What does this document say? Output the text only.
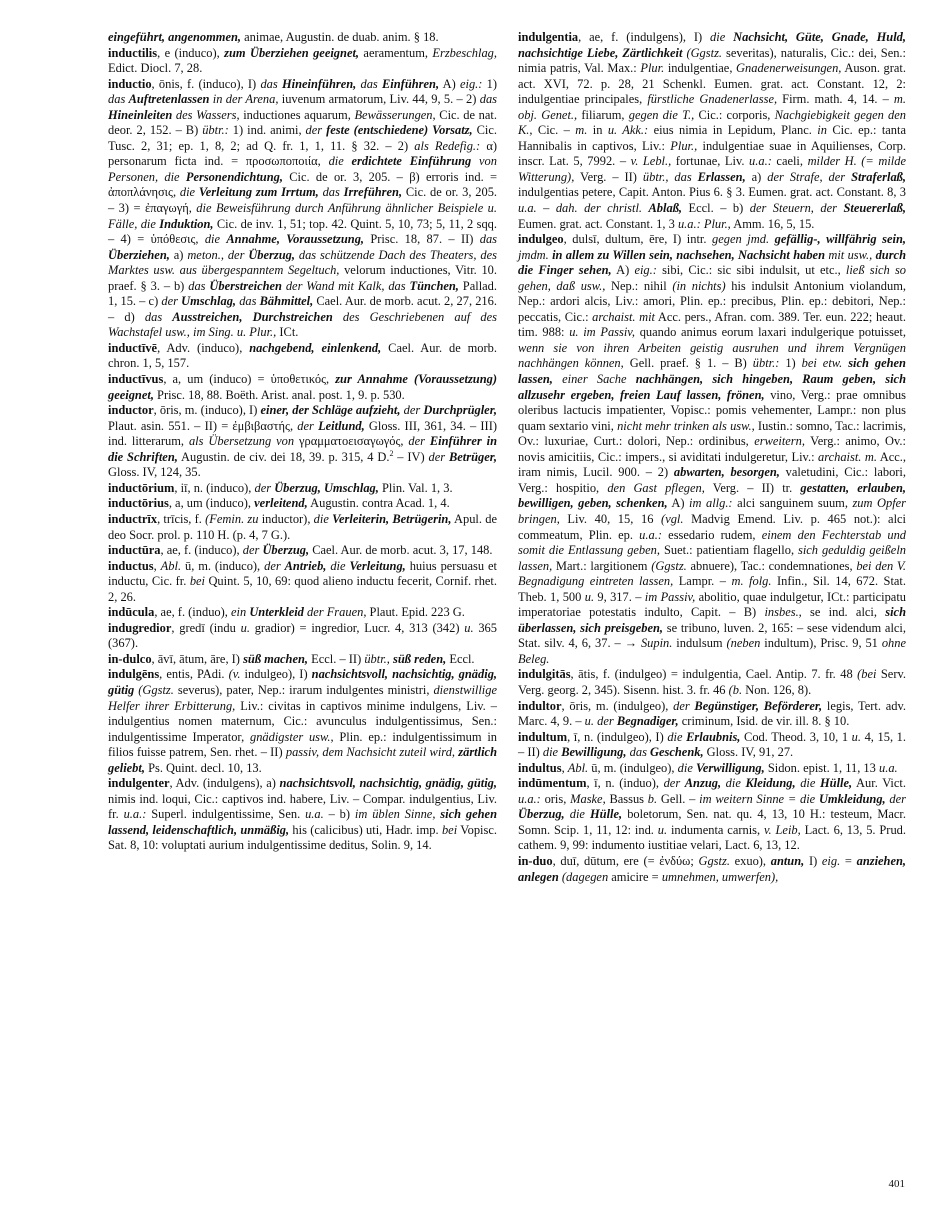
eingeführt, angenommen, animae, Augustin. de duab. anim. § 18.

inductilis, e (induco), zum Überziehen geeignet, aeramentum, Erzbeschlag, Edict. Diocl. 7, 28.

inductio, ōnis, f. (induco), I) das Hineinführen, das Einführen, A) eig.: 1) das Auftretenlassen in der Arena, iuvenum armatorum, Liv. 44, 9, 5. – 2) das Hineinleiten des Wassers, inductiones aquarum, Bewässerungen, Cic. de nat. deor. 2, 152. – B) übtr.: 1) ind. animi, der feste (entschiedene) Vorsatz, Cic. Tusc. 2, 31; ep. 1, 8, 2; ad Q. fr. 1, 1, 11. § 32. – 2) als Redefig.: α) personarum ficta ind. = προσωποποιία, die erdichtete Einführung von Personen, die Personendichtung, Cic. de or. 3, 205. – β) erroris ind. = ἀποπλάνησις, die Verleitung zum Irrtum, das Irreführen, Cic. de or. 3, 205. – 3) = ἐπαγωγή, die Beweisführung durch Anführung ähnlicher Beispiele u. Fälle, die Induktion, Cic. de inv. 1, 51; top. 42. Quint. 5, 10, 73; 5, 11, 2 sqq. – 4) = ὑπόθεσις, die Annahme, Voraussetzung, Prisc. 18, 87. – II) das Überziehen, a) meton., der Überzug, das schützende Dach des Theaters, des Marktes usw. aus übergespanntem Segeltuch, velorum inductiones, Vitr. 10. praef. § 3. – b) das Überstreichen der Wand mit Kalk, das Tünchen, Pallad. 1, 15. – c) der Umschlag, das Bähmittel, Cael. Aur. de morb. acut. 2, 27, 216. – d) das Ausstreichen, Durchstreichen des Geschriebenen auf des Wachstafel usw., im Sing. u. Plur., ICt.

inductīvē, Adv. (induco), nachgebend, einlenkend, Cael. Aur. de morb. chron. 1, 5, 157.

inductīvus, a, um (induco) = ὑποθετικός, zur Annahme (Voraussetzung) geeignet, Prisc. 18, 88. Boëth. Arist. anal. post. 1, 9. p. 530.

inductor, ōris, m. (induco), I) einer, der Schläge aufzieht, der Durchprügler, Plaut. asin. 551. – II) = ἐμβιβαστής, der Leitlund, Gloss. III, 361, 34. – III) ind. litterarum, als Übersetzung von γραμματοεισαγωγός, der Einführer in die Schriften, Augustin. de civ. dei 18, 39. p. 315, 4 D.$^2$ – IV) der Betrüger, Gloss. IV, 124, 35.

inductōrium, iī, n. (induco), der Überzug, Umschlag, Plin. Val. 1, 3.

inductōrius, a, um (induco), verleitend, Augustin. contra Acad. 1, 4.

inductrīx, trīcis, f. (Femin. zu inductor), die Verleiterin, Betrügerin, Apul. de deo Socr. prol. p. 110 H. (p. 4, 7 G.).

inductūra, ae, f. (induco), der Überzug, Cael. Aur. de morb. acut. 3, 17, 148.

inductus, Abl. ū, m. (induco), der Antrieb, die Verleitung, huius persuasu et inductu, Cic. fr. bei Quint. 5, 10, 69: quod alieno inductu fecerit, Cornif. rhet. 2, 26.

indūcula, ae, f. (induo), ein Unterkleid der Frauen, Plaut. Epid. 223 G.

indugredior, gredī (indu u. gradior) = ingredior, Lucr. 4, 313 (342) u. 365 (367).

in-dulco, āvī, ātum, āre, I) süß machen, Eccl. – II) übtr., süß reden, Eccl.

indulgēns, entis, PAdi. (v. indulgeo), I) nachsichtsvoll, nachsichtig, gnädig, gütig (Ggstz. severus), pater, Nep.: irarum indulgentes ministri, dienstwillige Helfer ihrer Erbitterung, Liv.: civitas in captivos minime indulgens, Liv. – indulgentius nomen maternum, Cic.: avunculus indulgentissimus, Sen.: indulgentissime Imperator, gnädigster usw., Plin. ep.: indulgentissimum in filios fuisse patrem, Sen. rhet. – II) passiv, dem Nachsicht zuteil wird, zärtlich geliebt, Ps. Quint. decl. 10, 13.

indulgenter, Adv. (indulgens), a) nachsichtsvoll, nachsichtig, gnädig, gütig, nimis ind. loqui, Cic.: captivos ind. habere, Liv. – Compar. indulgentius, Liv. fr. u.a.: Superl. indulgentissime, Sen. u.a. – b) im üblen Sinne, sich gehen lassend, leidenschaftlich, unmäßig, his (calicibus) uti, Hadr. imp. bei Vopisc. Sat. 8, 10: voluptati aurium indulgentissime deditus, Solin. 9, 14.

indulgentia, ae, f. (indulgens), I) die Nachsicht, Güte, Gnade, Huld, nachsichtige Liebe, Zärtlichkeit (Ggstz. severitas), naturalis, Cic.: dei, Sen.: nimia patris, Val. Max.: Plur. indulgentiae, Gnadenerweisungen, Auson. grat. act. XVI, 72. p. 28, 21 Schenkl. Eumen. grat. act. Constant. 12, 2: indulgentiae principales, fürstliche Gnadenerlasse, Firm. math. 4, 14. – m. obj. Genet., filiarum, gegen die T., Cic.: corporis, Nachgiebigkeit gegen den K., Cic. – m. in u. Akk.: eius nimia in Lepidum, Planc. in Cic. ep.: tanta Hannibalis in captivos, Liv.: Plur., indulgentiae suae in Aquilienses, Corp. inscr. Lat. 5, 7992. – v. Lebl., fortunae, Liv. u.a.: caeli, milder H. (= milde Witterung), Verg. – II) übtr., das Erlassen, a) der Strafe, der Straferlaß, indulgentias petere, Capit. Anton. Pius 6. § 3. Eumen. grat. act. Constant. 8, 3 u.a. – dah. der christl. Ablaß, Eccl. – b) der Steuern, der Steuererlaß, Eumen. grat. act. Constant. 1, 3 u.a.: Plur., Amm. 16, 5, 15.

indulgeo, dulsī, dultum, ēre, I) intr. gegen jmd. gefällig-, willfährig sein, jmdm. in allem zu Willen sein, nachsehen, Nachsicht haben mit usw., durch die Finger sehen, A) eig.: sibi, Cic.: sic sibi indulsit, ut etc., ließ sich so gehen, daß usw., Nep.: nihil (in nichts) his indulsit Antonium violandum, Nep.: ardori alcis, Liv.: amori, Plin. ep.: precibus, Plin. ep.: debitori, Nep.: peccatis, Cic.: archaist. mit Acc. pers., Afran. com. 389. Ter. eun. 222; heaut. tim. 988: u. im Passiv, quando animus eorum laxari indulgerique potuisset, wenn sie von ihren Arbeiten geistig ausruhen und ihrem Vergnügen nachhängen können, Gell. praef. § 1. – B) übtr.: 1) bei etw. sich gehen lassen, einer Sache nachhängen, sich hingeben, Raum geben, sich allzusehr ergeben, freien Lauf lassen, frönen, vino, Verg.: prae omnibus oleribus lactucis impatienter, Vopisc.: pomis vehementer, Lampr.: non plus quam sextario vini, nicht mehr trinken als usw., Iustin.: somno, Tac.: lacrimis, Ov.: luxuriae, Curt.: dolori, Nep.: ordinibus, erweitern, Verg.: animo, Ov.: novis amicitiis, Cic.: impers., si aviditati indulgeretur, Liv.: archaist. m. Acc., iram nimis, Lucil. 900. – 2) abwarten, besorgen, valetudini, Cic.: labori, Verg.: hospitio, den Gast pflegen, Verg. – II) tr. gestatten, erlauben, bewilligen, geben, schenken, A) im allg.: alci sanguinem suum, zum Opfer bringen, Liv. 40, 15, 16 (vgl. Madvig Emend. Liv. p. 465 not.): alci commeatum, Plin. ep. u.a.: essedario rudem, einem den Fechterstab und somit die Entlassung geben, Suet.: patientiam flagello, sich geduldig geißeln lassen, Mart.: largitionem (Ggstz. abnuere), Tac.: condemnationes, bei den V. Begnadigung eintreten lassen, Lampr. – m. folg. Infin., Sil. 14, 672. Stat. Theb. 1, 500 u. 9, 317. – im Passiv, abolitio, quae indulgetur, ICt.: participatu imperatoriae potestatis indulto, Capit. – B) insbes., se ind. alci, sich überlassen, sich preisgeben, se tribuno, luven. 2, 165: – sese videndum alci, Stat. silv. 4, 6, 37. – → Supin. indulsum (neben indultum), Prisc. 9, 51 ohne Beleg.

indulgitās, ātis, f. (indulgeo) = indulgentia, Cael. Antip. 7. fr. 48 (bei Serv. Verg. georg. 2, 345). Sisenn. hist. 3. fr. 46 (b. Non. 126, 8).

indultor, ōris, m. (indulgeo), der Begünstiger, Beförderer, legis, Tert. adv. Marc. 4, 9. – u. der Begnadiger, criminum, Isid. de vir. ill. 8. § 10.

indultum, ī, n. (indulgeo), I) die Erlaubnis, Cod. Theod. 3, 10, 1 u. 4, 15, 1. – II) die Bewilligung, das Geschenk, Gloss. IV, 91, 27.

indultus, Abl. ū, m. (indulgeo), die Verwilligung, Sidon. epist. 1, 11, 13 u.a.

indūmentum, ī, n. (induo), der Anzug, die Kleidung, die Hülle, Aur. Vict. u.a.: oris, Maske, Bassus b. Gell. – im weitern Sinne = die Umkleidung, der Überzug, die Hülle, boletorum, Sen. nat. qu. 4, 13, 10 H.: testeum, Macr. Somn. Scip. 1, 11, 12: ind. u. indumenta carnis, v. Leib, Lact. 6, 13, 5. Prud. cathem. 9, 99: indumento iustitiae velari, Lact. 6, 13, 12.

in-duo, duī, dūtum, ere (= ἐνδύω; Ggstz. exuo), antun, I) eig. = anziehen, anlegen (dagegen amicire = umnehmen, umwerfen),

401
